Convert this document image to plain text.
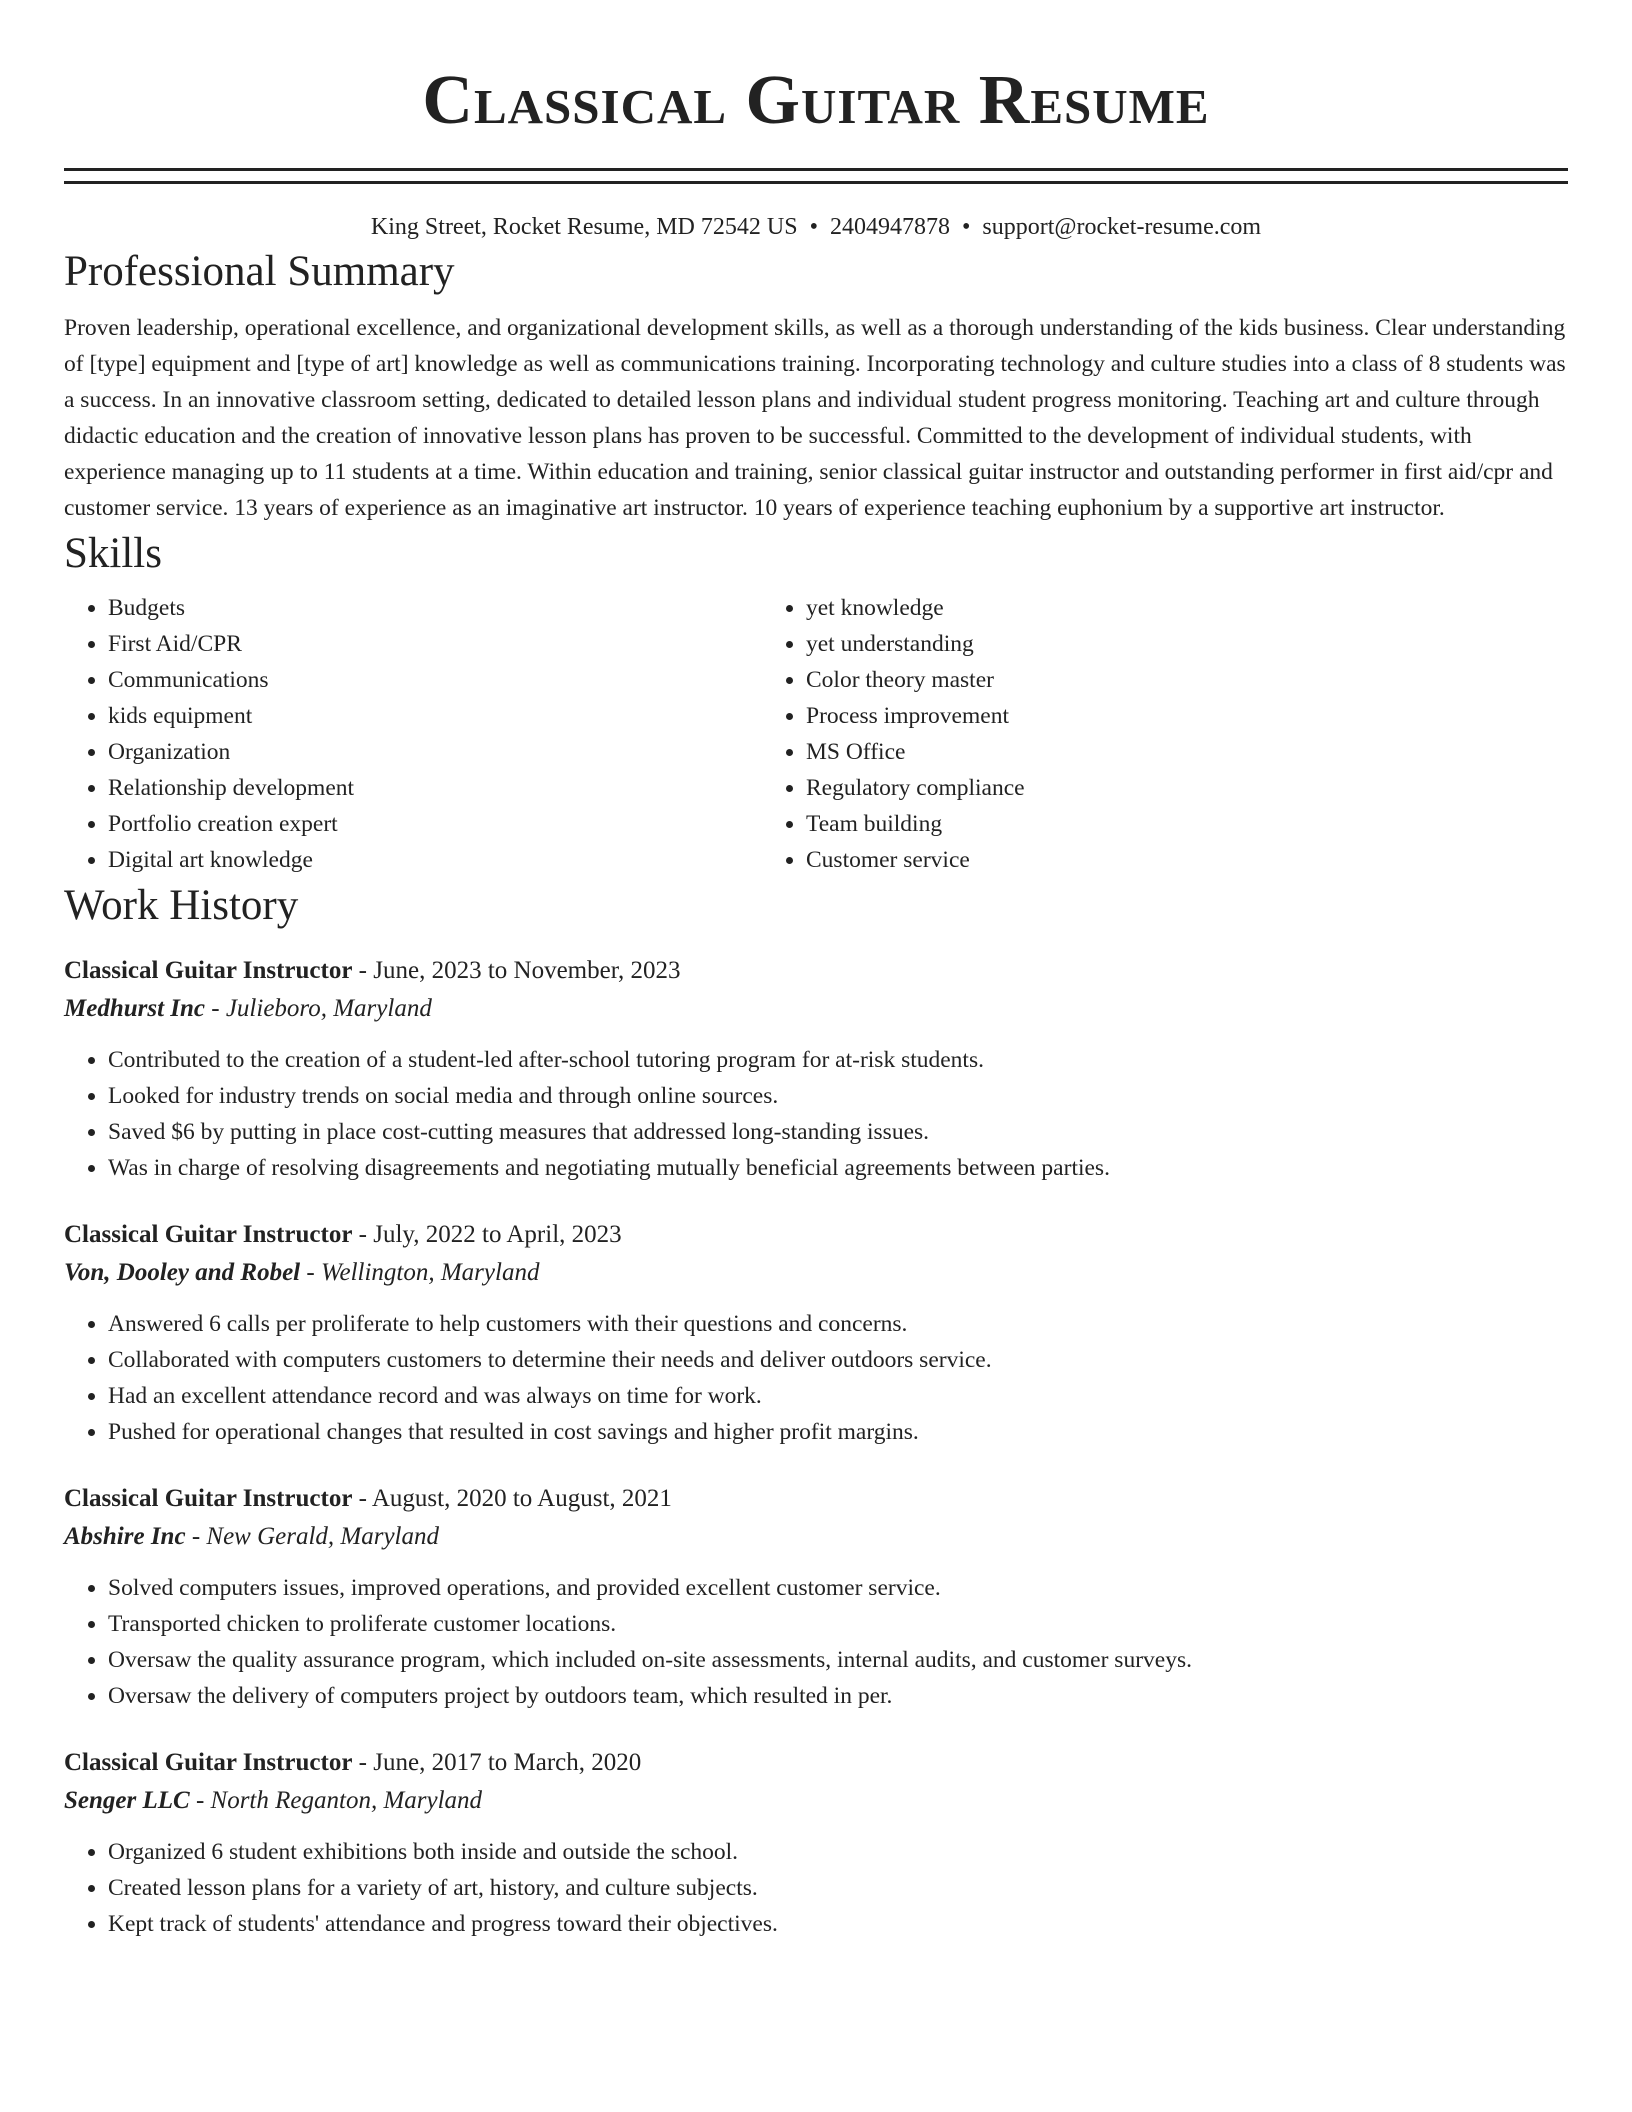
Classical Guitar Resume
King Street, Rocket Resume, MD 72542 US • 2404947878 • support@rocket-resume.com
Professional Summary
Proven leadership, operational excellence, and organizational development skills, as well as a thorough understanding of the kids business. Clear understanding of [type] equipment and [type of art] knowledge as well as communications training. Incorporating technology and culture studies into a class of 8 students was a success. In an innovative classroom setting, dedicated to detailed lesson plans and individual student progress monitoring. Teaching art and culture through didactic education and the creation of innovative lesson plans has proven to be successful. Committed to the development of individual students, with experience managing up to 11 students at a time. Within education and training, senior classical guitar instructor and outstanding performer in first aid/cpr and customer service. 13 years of experience as an imaginative art instructor. 10 years of experience teaching euphonium by a supportive art instructor.
Skills
• Budgets
• First Aid/CPR
• Communications
• kids equipment
• Organization
• Relationship development
• Portfolio creation expert
• Digital art knowledge
• yet knowledge
• yet understanding
• Color theory master
• Process improvement
• MS Office
• Regulatory compliance
• Team building
• Customer service
Work History
Classical Guitar Instructor - June, 2023 to November, 2023
Medhurst Inc - Julieboro, Maryland
• Contributed to the creation of a student-led after-school tutoring program for at-risk students.
• Looked for industry trends on social media and through online sources.
• Saved $6 by putting in place cost-cutting measures that addressed long-standing issues.
• Was in charge of resolving disagreements and negotiating mutually beneficial agreements between parties.
Classical Guitar Instructor - July, 2022 to April, 2023
Von, Dooley and Robel - Wellington, Maryland
• Answered 6 calls per proliferate to help customers with their questions and concerns.
• Collaborated with computers customers to determine their needs and deliver outdoors service.
• Had an excellent attendance record and was always on time for work.
• Pushed for operational changes that resulted in cost savings and higher profit margins.
Classical Guitar Instructor - August, 2020 to August, 2021
Abshire Inc - New Gerald, Maryland
• Solved computers issues, improved operations, and provided excellent customer service.
• Transported chicken to proliferate customer locations.
• Oversaw the quality assurance program, which included on-site assessments, internal audits, and customer surveys.
• Oversaw the delivery of computers project by outdoors team, which resulted in per.
Classical Guitar Instructor - June, 2017 to March, 2020
Senger LLC - North Reganton, Maryland
• Organized 6 student exhibitions both inside and outside the school.
• Created lesson plans for a variety of art, history, and culture subjects.
• Kept track of students' attendance and progress toward their objectives.
